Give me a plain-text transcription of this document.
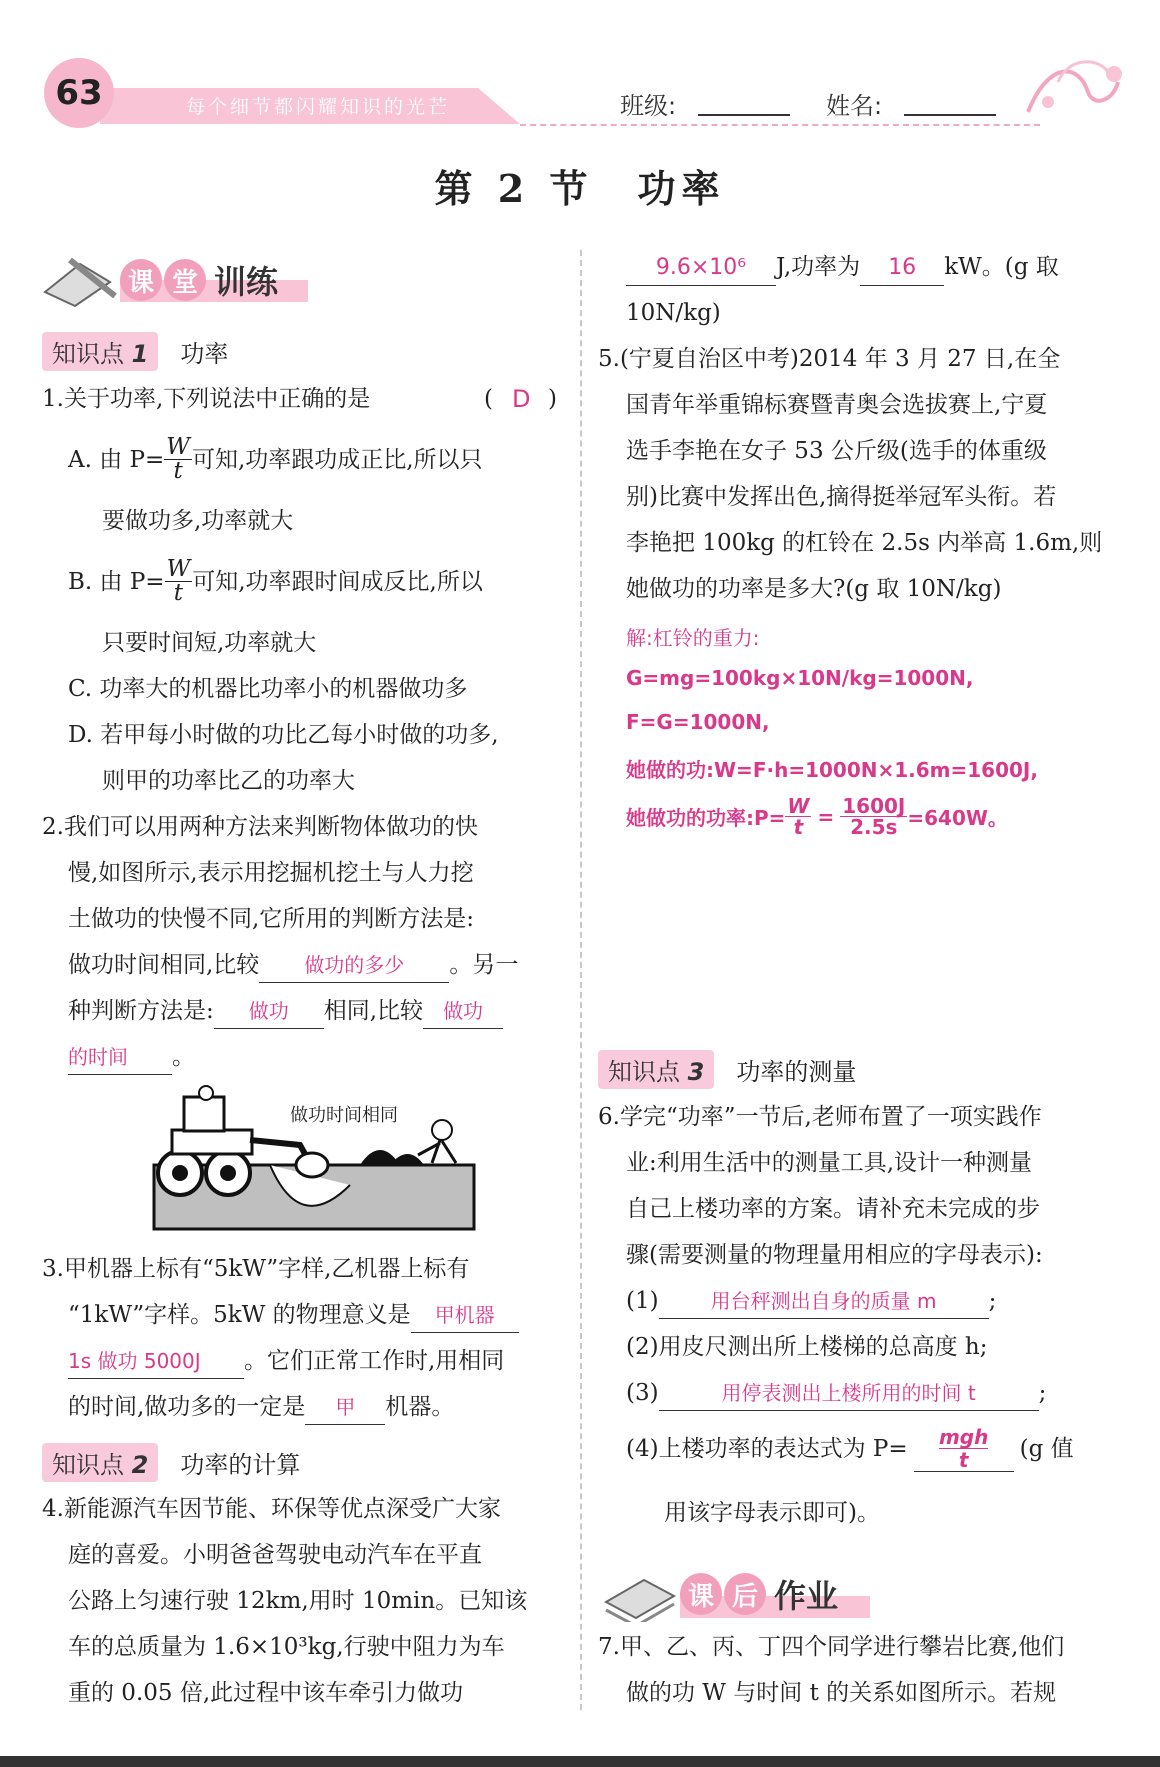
63	每个细节都闪耀知识的光芒	班级:	姓名:
第 2 节　功率
课 堂 训练
知识点 1	功率
1.关于功率,下列说法中正确的是	( D )
A. 由 $P= \frac{W}{t}$ 可知,功率跟功成正比,所以只
要做功多,功率就大
B. 由 $P= \frac{W}{t}$ 可知,功率跟时间成反比,所以
只要时间短,功率就大
C. 功率大的机器比功率小的机器做功多
D. 若甲每小时做的功比乙每小时做的功多,
则甲的功率比乙的功率大
2.我们可以用两种方法来判断物体做功的快
慢,如图所示,表示用挖掘机挖土与人力挖
土做功的快慢不同,它所用的判断方法是:
做功时间相同,比较 做功的多少 。另一
种判断方法是: 做功 相同,比较 做功
的时间 。
做功时间相同
3.甲机器上标有“5kW”字样,乙机器上标有
“1kW”字样。5kW 的物理意义是 甲机器
1s 做功 5000J 。它们正常工作时,用相同
的时间,做功多的一定是 甲 机器。
知识点 2	功率的计算
4.新能源汽车因节能、环保等优点深受广大家
庭的喜爱。小明爸爸驾驶电动汽车在平直
公路上匀速行驶 12km,用时 10min。已知该
车的总质量为 1.6×10³kg,行驶中阻力为车
重的 0.05 倍,此过程中该车牵引力做功
9.6×10⁶ J,功率为 16 kW。(g 取
10N/kg)
5.(宁夏自治区中考)2014 年 3 月 27 日,在全
国青年举重锦标赛暨青奥会选拔赛上,宁夏
选手李艳在女子 53 公斤级(选手的体重级
别)比赛中发挥出色,摘得挺举冠军头衔。若
李艳把 100kg 的杠铃在 2.5s 内举高 1.6m,则
她做功的功率是多大?(g 取 10N/kg)
解:杠铃的重力:
G=mg=100kg×10N/kg=1000N,
F=G=1000N,
她做的功:W=F·h=1000N×1.6m=1600J,
她做功的功率:P= $\frac{W}{t} = \frac{1600J}{2.5s} =640W$。
知识点 3	功率的测量
6.学完“功率”一节后,老师布置了一项实践作
业:利用生活中的测量工具,设计一种测量
自己上楼功率的方案。请补充未完成的步
骤(需要测量的物理量用相应的字母表示):
(1)	用台秤测出自身的质量 m ;
(2)用皮尺测出所上楼梯的总高度 h;
(3)	用停表测出上楼所用的时间 t	;
(4)上楼功率的表达式为 P= mgh
t (g 值
用该字母表示即可)。
课 后 作业
7.甲、乙、丙、丁四个同学进行攀岩比赛,他们
做的功 W 与时间 t 的关系如图所示。若规
